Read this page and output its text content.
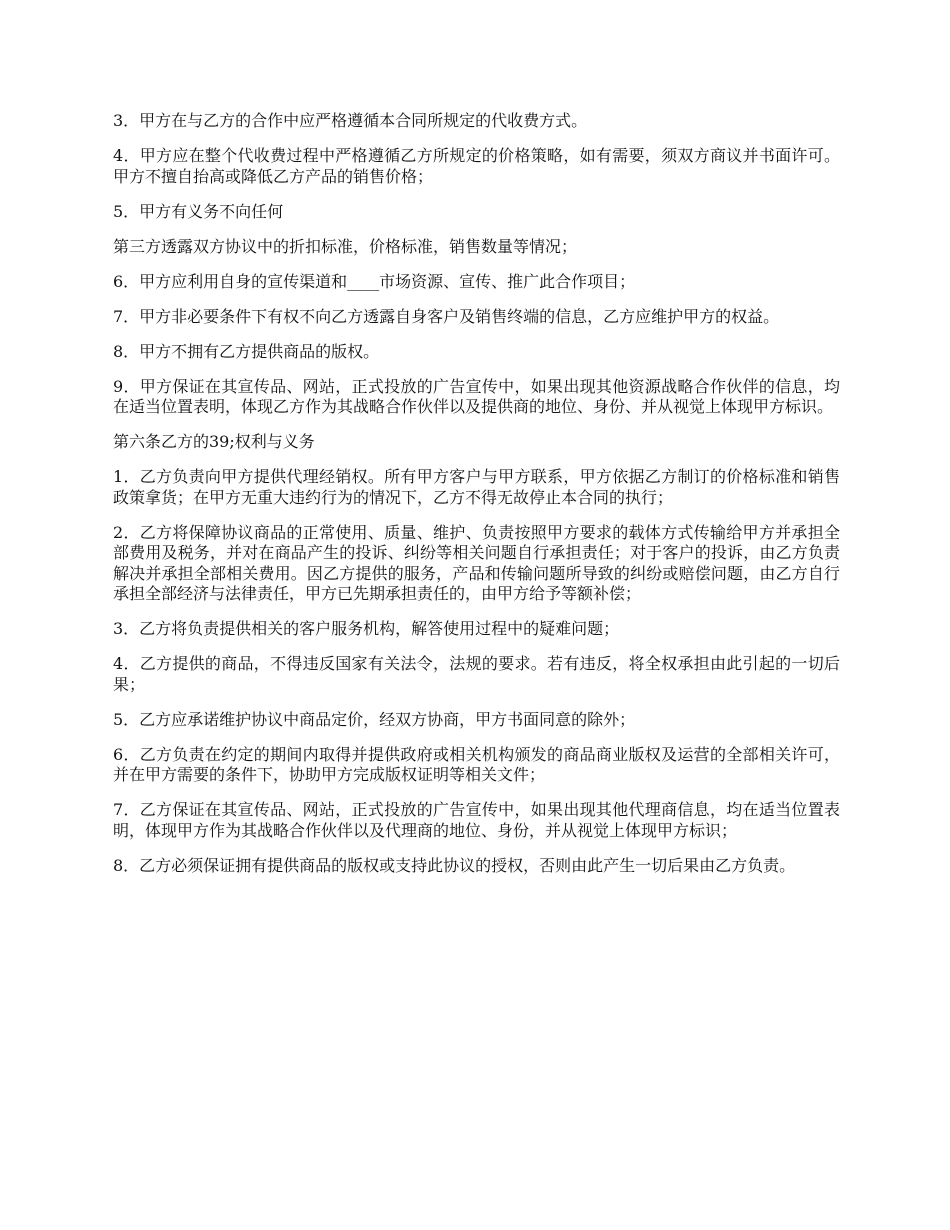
3．甲方在与乙方的合作中应严格遵循本合同所规定的代收费方式。

4．甲方应在整个代收费过程中严格遵循乙方所规定的价格策略，如有需要，须双方商议并书面许可。甲方不擅自抬高或降低乙方产品的销售价格；

5．甲方有义务不向任何

第三方透露双方协议中的折扣标准，价格标准，销售数量等情况；

6．甲方应利用自身的宣传渠道和____市场资源、宣传、推广此合作项目；

7．甲方非必要条件下有权不向乙方透露自身客户及销售终端的信息，乙方应维护甲方的权益。

8．甲方不拥有乙方提供商品的版权。

9．甲方保证在其宣传品、网站，正式投放的广告宣传中，如果出现其他资源战略合作伙伴的信息，均在适当位置表明，体现乙方作为其战略合作伙伴以及提供商的地位、身份、并从视觉上体现甲方标识。

第六条乙方的39;权利与义务

1．乙方负责向甲方提供代理经销权。所有甲方客户与甲方联系，甲方依据乙方制订的价格标准和销售政策拿货；在甲方无重大违约行为的情况下，乙方不得无故停止本合同的执行；

2．乙方将保障协议商品的正常使用、质量、维护、负责按照甲方要求的载体方式传输给甲方并承担全部费用及税务，并对在商品产生的投诉、纠纷等相关问题自行承担责任；对于客户的投诉，由乙方负责解决并承担全部相关费用。因乙方提供的服务，产品和传输问题所导致的纠纷或赔偿问题，由乙方自行承担全部经济与法律责任，甲方已先期承担责任的，由甲方给予等额补偿；

3．乙方将负责提供相关的客户服务机构，解答使用过程中的疑难问题；

4．乙方提供的商品，不得违反国家有关法令，法规的要求。若有违反，将全权承担由此引起的一切后果；

5．乙方应承诺维护协议中商品定价，经双方协商，甲方书面同意的除外；

6．乙方负责在约定的期间内取得并提供政府或相关机构颁发的商品商业版权及运营的全部相关许可，并在甲方需要的条件下，协助甲方完成版权证明等相关文件；

7．乙方保证在其宣传品、网站，正式投放的广告宣传中，如果出现其他代理商信息，均在适当位置表明，体现甲方作为其战略合作伙伴以及代理商的地位、身份，并从视觉上体现甲方标识；

8．乙方必须保证拥有提供商品的版权或支持此协议的授权，否则由此产生一切后果由乙方负责。
